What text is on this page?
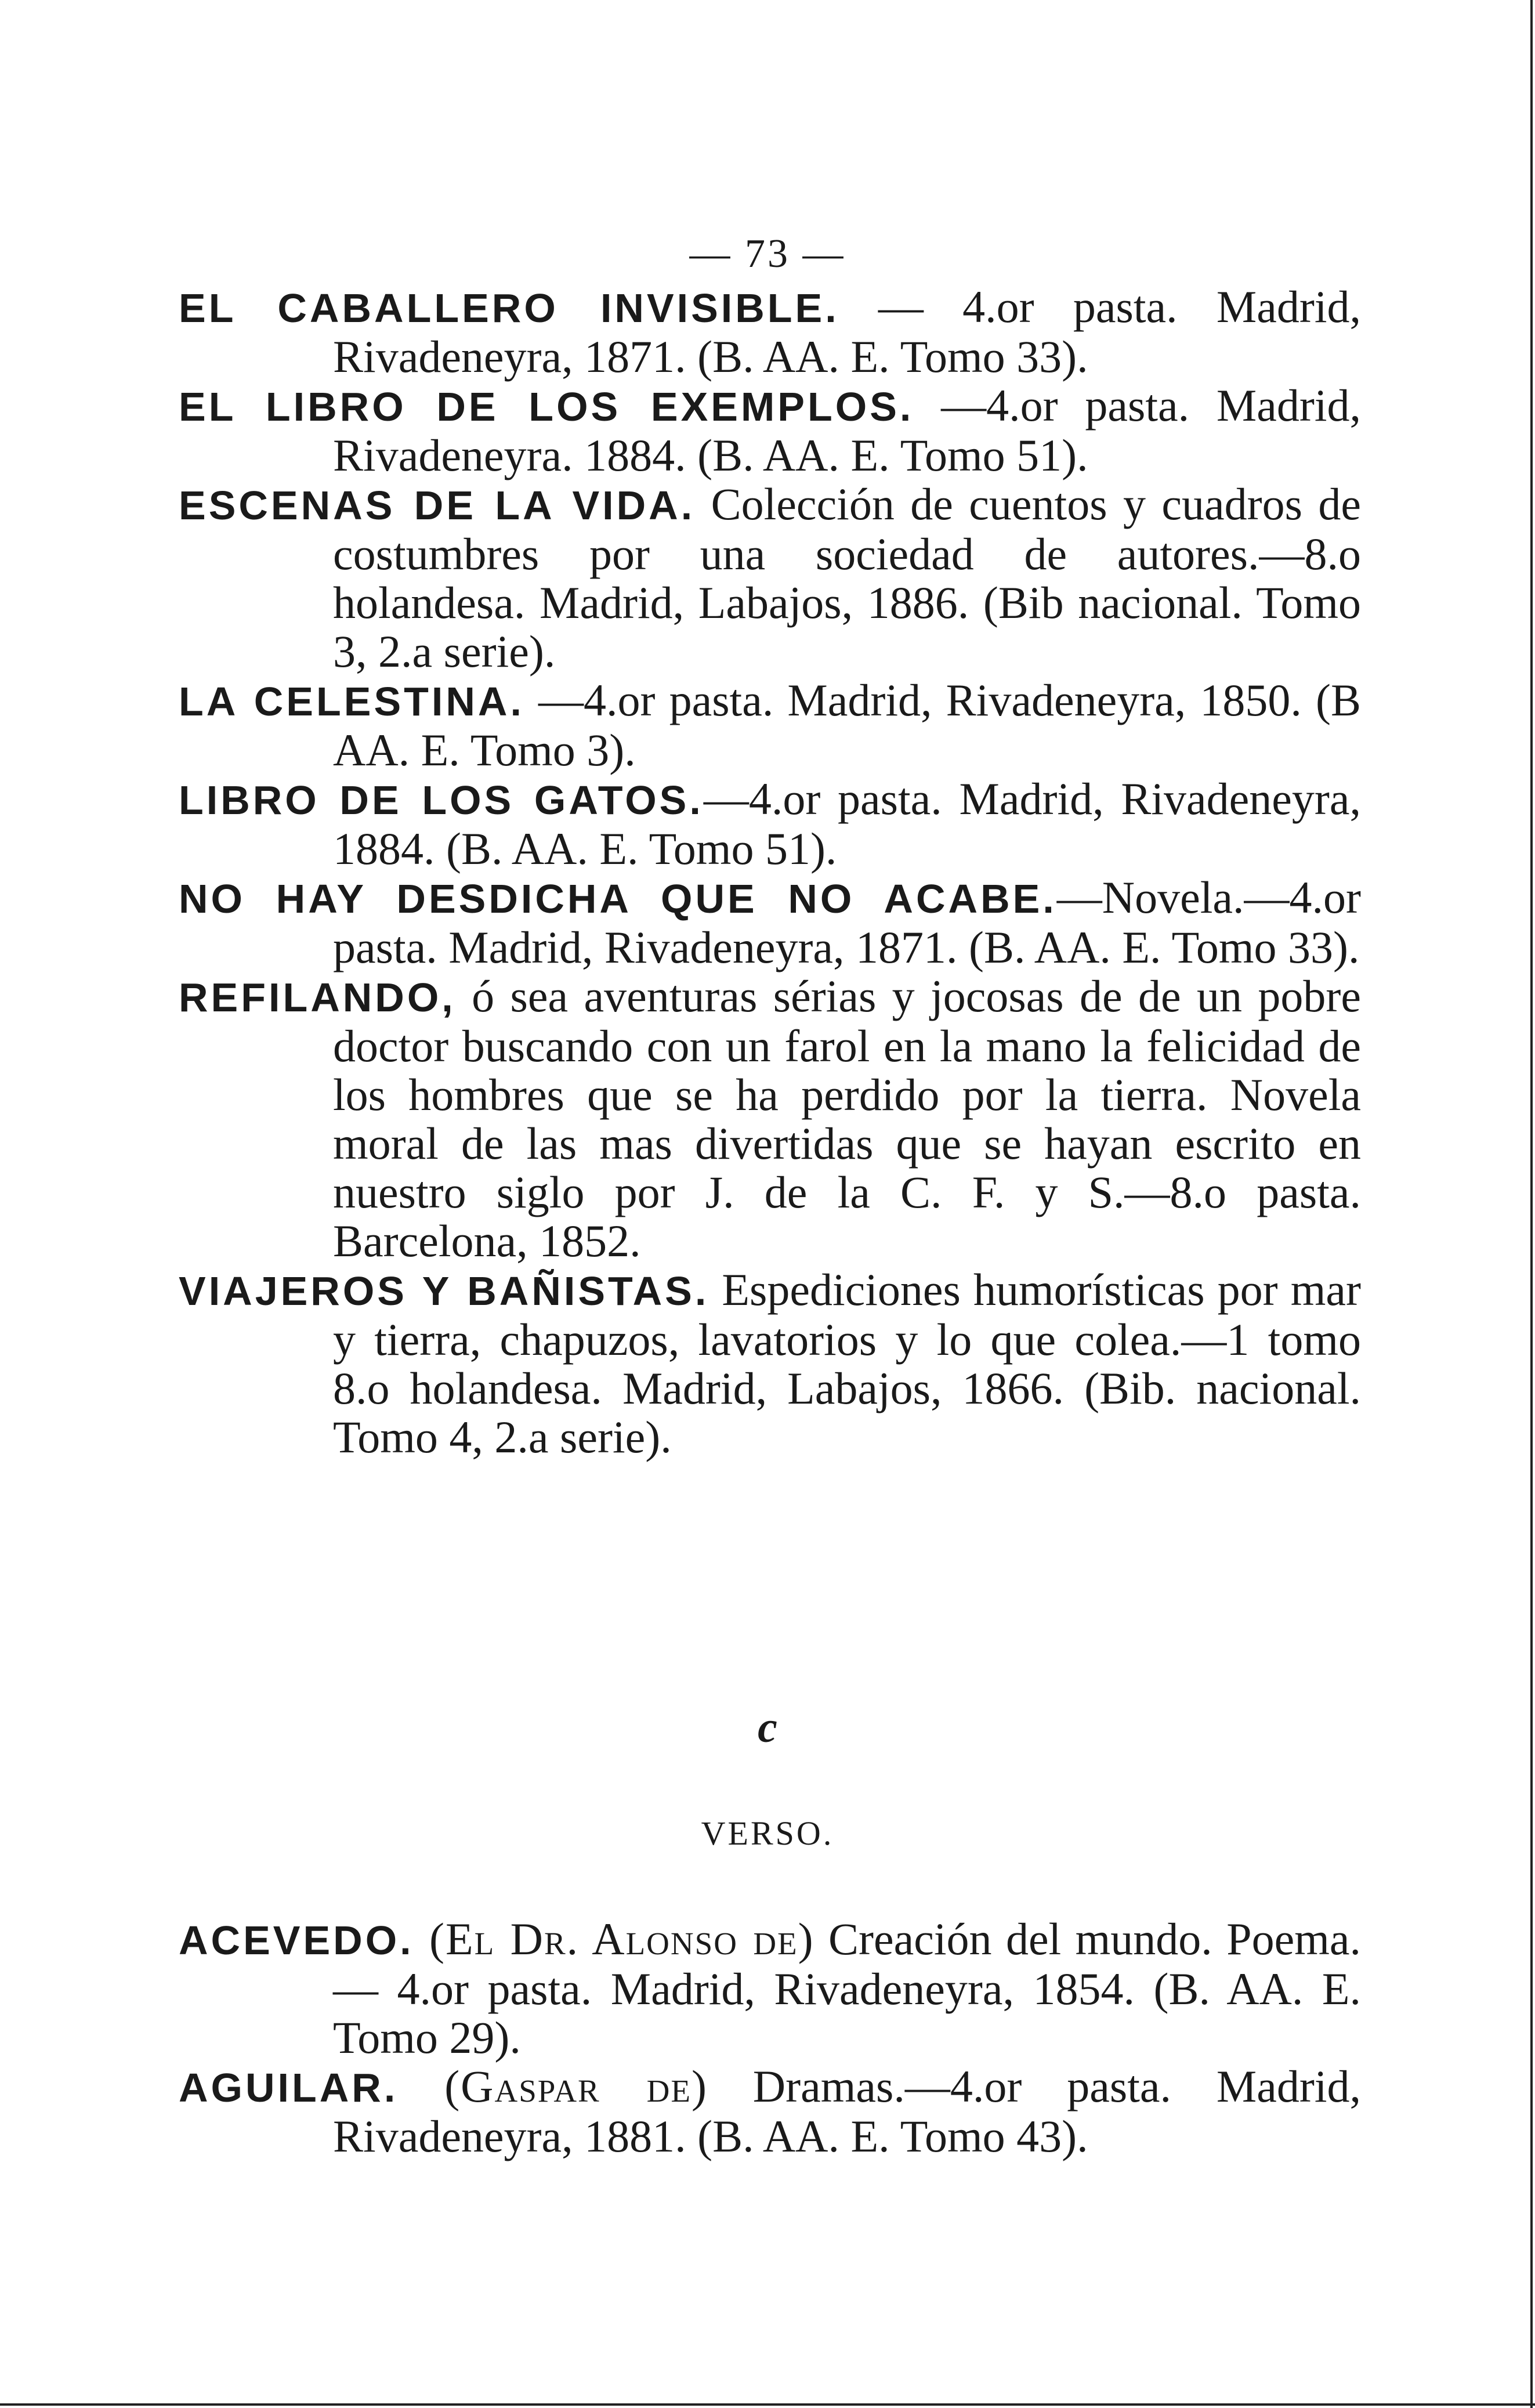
— 73 —

EL CABALLERO INVISIBLE. — 4.or pasta. Madrid, Rivadeneyra, 1871. (B. AA. E. Tomo 33).

EL LIBRO DE LOS EXEMPLOS. —4.or pasta. Madrid, Rivadeneyra. 1884. (B. AA. E. Tomo 51).

ESCENAS DE LA VIDA. Colección de cuentos y cuadros de costumbres por una sociedad de autores.—8.o holandesa. Madrid, Labajos, 1886. (Bib nacional. Tomo 3, 2.a serie).

LA CELESTINA. —4.or pasta. Madrid, Rivadeneyra, 1850. (B AA. E. Tomo 3).

LIBRO DE LOS GATOS.—4.or pasta. Madrid, Rivadeneyra, 1884. (B. AA. E. Tomo 51).

NO HAY DESDICHA QUE NO ACABE.—Novela.—4.or pasta. Madrid, Rivadeneyra, 1871. (B. AA. E. Tomo 33).

REFILANDO, ó sea aventuras sérias y jocosas de de un pobre doctor buscando con un farol en la mano la felicidad de los hombres que se ha perdido por la tierra. Novela moral de las mas divertidas que se hayan escrito en nuestro siglo por J. de la C. F. y S.—8.o pasta. Barcelona, 1852.

VIAJEROS Y BAÑISTAS. Espediciones humorísticas por mar y tierra, chapuzos, lavatorios y lo que colea.—1 tomo 8.o holandesa. Madrid, Labajos, 1866. (Bib. nacional. Tomo 4, 2.a serie).

c
VERSO.

ACEVEDO. (El Dr. Alonso de) Creación del mundo. Poema.— 4.or pasta. Madrid, Rivadeneyra, 1854. (B. AA. E. Tomo 29).

AGUILAR. (Gaspar de) Dramas.—4.or pasta. Madrid, Rivadeneyra, 1881. (B. AA. E. Tomo 43).
